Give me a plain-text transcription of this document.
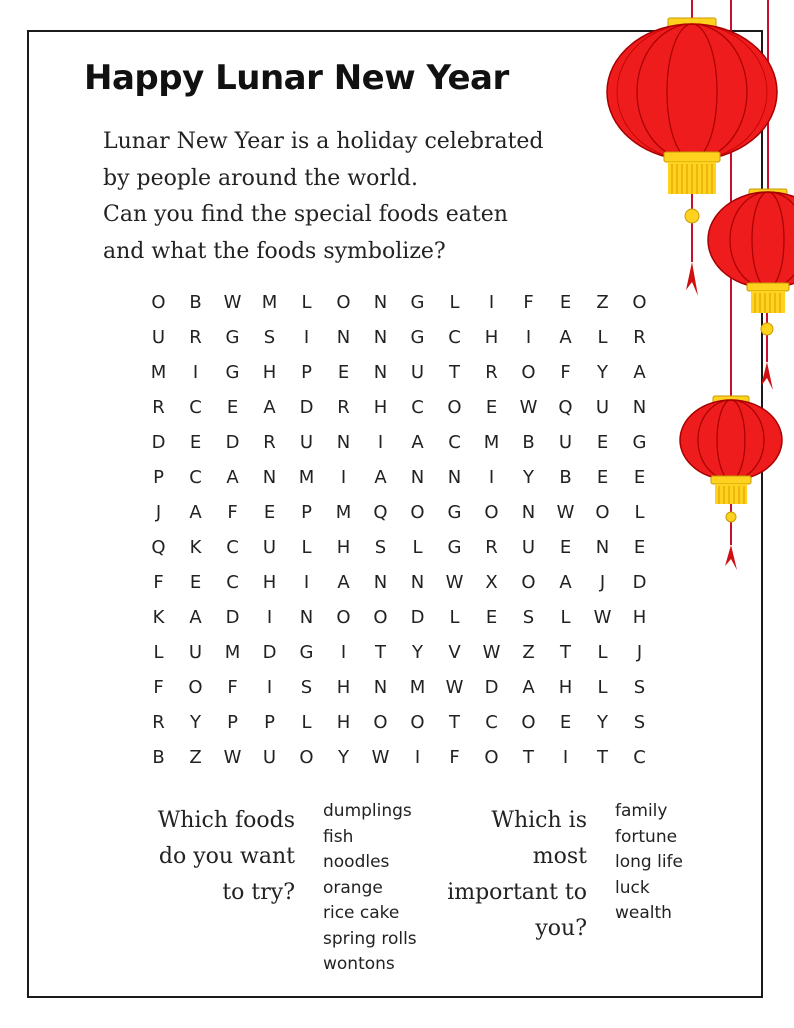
Happy Lunar New Year

Lunar New Year is a holiday celebrated
by people around the world.
Can you find the special foods eaten
and what the foods symbolize?

O	B	W	M	L	O	N	G	L	I	F	E	Z	O
U	R	G	S	I	N	N	G	C	H	I	A	L	R
M	I	G	H	P	E	N	U	T	R	O	F	Y	A
R	C	E	A	D	R	H	C	O	E	W	Q	U	N
D	E	D	R	U	N	I	A	C	M	B	U	E	G
P	C	A	N	M	I	A	N	N	I	Y	B	E	E
J	A	F	E	P	M	Q	O	G	O	N	W	O	L
Q	K	C	U	L	H	S	L	G	R	U	E	N	E
F	E	C	H	I	A	N	N	W	X	O	A	J	D
K	A	D	I	N	O	O	D	L	E	S	L	W	H
L	U	M	D	G	I	T	Y	V	W	Z	T	L	J
F	O	F	I	S	H	N	M	W	D	A	H	L	S
R	Y	P	P	L	H	O	O	T	C	O	E	Y	S
B	Z	W	U	O	Y	W	I	F	O	T	I	T	C

Which foods
do you want
to try?

dumplings
fish
noodles
orange
rice cake
spring rolls
wontons

Which is
most
important to
you?

family
fortune
long life
luck
wealth
